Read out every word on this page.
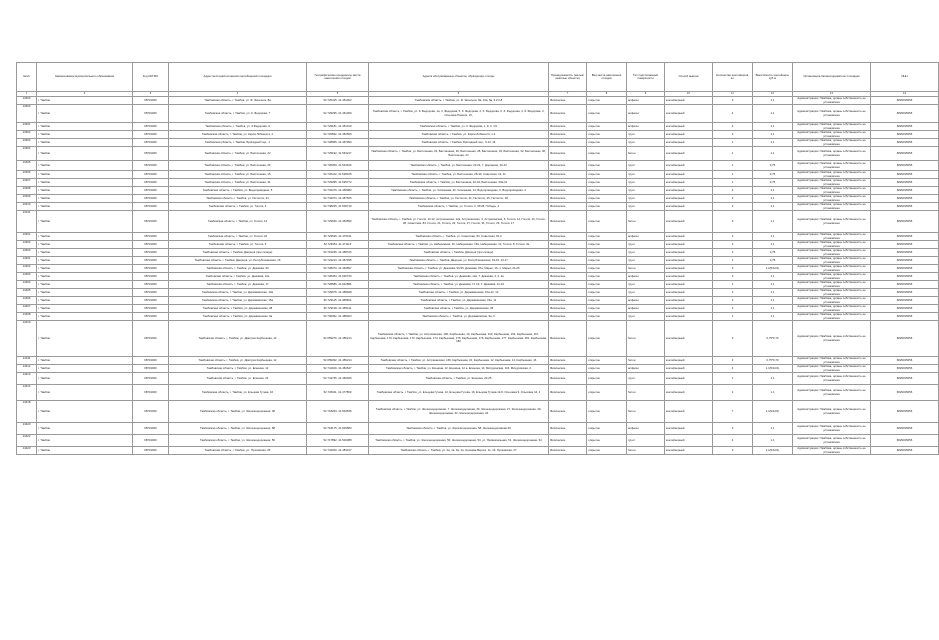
№п/п	Наименование муниципального образования	Код ОКТМО	Адрес месторасположения контейнерной площадки	Географические координаты места накопления отходов	Адреса обслуживаемых объектов, образующих отходы	Принадлежность (жилые/нежилые объекты)	Вид места накопления отходов	Тип подстилающей поверхности	Способ вывоза	Количество контейнеров, шт	Вместимость контейнера, куб.м	Организация-балансодержатель площадки	ИНН
1	2	3	4	5	6	7	8	9	10	11	12	13	14
13400	г. Тамбов	68701000	Тамбовская область, г. Тамбов, ул. Ф. Энгельса, 8а	52.725415, 41.451302	Тамбовская область, г. Тамбов, ул. Ф. Энгельса, 8а, 10а, 5а, 6,2,6,8	Физические	открытое	асфальт	контейнерный	3	1,1	Администрация г.Тамбова, органы собственность не установлена	6829015056
13400	г. Тамбов	68701000	Тамбовская область, г. Тамбов, ул. З. Федорова, 7	52.729335, 41.461309	Тамбовская область, г. Тамбов, ул. З. Федорова, 1а, 3, Федорова, 5, З. Федорова, 2, З. Федорова, 6, З. Федорова, 4, З. Федорова, 3, Ольговка Ромиля, 15,	Физические	открытое	асфальт	контейнерный	4	1,1	Администрация г.Тамбова, органы собственность не установлена	6829015056
13401	г. Тамбов	68701000	Тамбовская область, г. Тамбов, ул. З.Федорова, 9	52.729181, 41.451310	Тамбовская область, г. Тамбов, ул. З. Федорова, 1, 9, 3, 4,5	Физические	открытое	асфальт	контейнерный	4	1,1	Администрация г.Тамбова, органы собственность не установлена	6829015056
13402	г. Тамбов	68701000	Тамбовская область, г. Тамбов, ул. Карла Либкнехта, 2	52.726832, 41.452509	Тамбовская область, г. Тамбов, ул. Карла Либкнехта, 1-4	Физические	открытое	грунт	контейнерный	3	1,1	Администрация г.Тамбова, органы собственность не установлена	6829015056
13403	г. Тамбов	68701000	Тамбовская область, г. Тамбов, Бригадный пер., 1	52.728955, 41.457993	Тамбовская область, г. Тамбов, Бригадный пер., 9-14, 16	Физические	открытое	грунт	контейнерный	1	1,1	Администрация г.Тамбова, органы собственность не установлена	6829015056
13404	г. Тамбов	68701000	Тамбовская область, г. Тамбов, ул. Бастионная, 22	52.725192, 41.543217	Тамбовская область, г. Тамбов, ул. Бастионная, 16, Бастионная, 26, Бастионная, 28, Бастионная, 34, Бастионная, 32, Бастионная, 30, Бастионная, 24	Физические	открытое	бетон	контейнерный	1	1,1	Администрация г.Тамбова, органы собственность не установлена	6829015056
13405	г. Тамбов	68701000	Тамбовская область, г. Тамбов, ул. Бастионная, 26	52.726050, 41.543916	Тамбовская область, г. Тамбов, ул. Бастионная, 20-22, 7, Дорожная, 20-22	Физические	открытое	грунт	контейнерный	1	0,75	Администрация г.Тамбова, органы собственность не установлена	6829015056
13406	г. Тамбов	68701000	Тамбовская область, г. Тамбов, ул. Бастионная, 15	52.726412, 41.528915	Тамбовская область, г. Тамбов, ул. Бастионная, 28-30, Советская, 13, 11	Физические	открытое	грунт	контейнерный	1	0,75	Администрация г.Тамбова, органы собственность не установлена	6829015056
13407	г. Тамбов	68701000	Тамбовская область, г. Тамбов, ул. Бастионная, 31	52.729495, 41.535772	Тамбовская область, г. Тамбов, ул. Бастионная, 32-34, Бастионная, 33а-41	Физические	открытое	грунт	контейнерный	1	0,75	Администрация г.Тамбова, органы собственность не установлена	6829015056
13408	г. Тамбов	68701000	Тамбовская область, г. Тамбов, ул. Водопроводная, 5	52.734479, 41.450082	Тамбовская область, г. Тамбов, ул. Чичканова, 26, Чичканова, 14, Водопроводная, 5, Водопроводная, 3	Физические	открытое	грунт	контейнерный	4	1,1	Администрация г.Тамбова, органы собственность не установлена	6829015056
13409	г. Тамбов	68701000	Тамбовская область, г. Тамбов, ул. Гастелло, 31	52.743373, 41.457525	Тамбовская область, г. Тамбов, ул. Гастелло, 31, Гастелло, 26, Гастелло, 28	Физические	открытое	грунт	контейнерный	2	1,1	Администрация г.Тамбова, органы собственность не установлена	6829015056
13410	г. Тамбов	68701000	Тамбовская область, г. Тамбов, ул. Гоголя, 4	52.748225, 41.506710	Тамбовская область, г. Тамбов, ул. Гоголя, 4, 15/28, Победы, 4	Физические	открытое	грунт	контейнерный	2	1,1	Администрация г.Тамбова, органы собственность не установлена	6829015056
13411	г. Тамбов	68701000	Тамбовская область, г. Тамбов, ул. Гоголя, 14	52.729940, 41.463590	Тамбовская область, г. Тамбов, ул. Гоголя, 10,12, Астраханская, 12а, Астраханская, 4, Астраханская, 6, Гоголя, 14, Гоголя, 16, Гоголя, 28, Советская, 84, Гоголя, 21, Гоголя, 23, Гоголя, 27, Гоголя, 31, Гоголя, 29, Гоголя, 17	Физические	открытое	бетон	контейнерный	3	1,1	Администрация г.Тамбова, органы собственность не установлена	6829015056
13401	г. Тамбов	68701000	Тамбовская область, г. Тамбов, ул. Гоголя, 22	52.729526, 41.470311	Тамбовская область, г. Тамбов, ул. Советская, 84, Советская, 81,2	Физические	открытое	асфальт	контейнерный	2	1,1	Администрация г.Тамбова, органы собственность не установлена	6829015056
13402	г. Тамбов	68701000	Тамбовская область, г. Тамбов, ул. Гоголя, 5	52.729351, 41.471113	Тамбовская область, г. Тамбов, ул. Набережная, 10, Набережная, 16а, Набережная, 12, Гоголя, 8, Гоголя, 3а	Физические	открытое	грунт	контейнерный	2	1,1	Администрация г.Тамбова, органы собственность не установлена	6829015056
13403	г. Тамбов	68701000	Тамбовская область, г. Тамбов, Дворцов (при складе)	52.715236, 41.458726	Тамбовская область, г. Тамбов, Дворцов (при складе)	Физические	открытое	грунт	контейнерный	2	0,75	Администрация г.Тамбова, органы собственность не установлена	6829015056
14401	г. Тамбов	68701000	Тамбовская область, г. Тамбов, Дворцов, ул. Республиканская, 15	52.724213, 41.467935	Тамбовская область, г. Тамбов, Дворцов, ул. Республиканская, 19-15, 13-17	Физические	открытое	грунт	контейнерный	1	0,75	Администрация г.Тамбова, органы собственность не установлена	6829015056
14402	г. Тамбов	68701000	Тамбовская область, г. Тамбов, ул. Дежнёва, 93	52.728370, 41.463597	Тамбовская область, г. Тамбов, ул. Дежнёва, 94-95, Дежнёва, 97а, Марьи, 16 -1, Марьи, 24-25	Физические	открытое	бетон	контейнерный	3	1,1(5/4/21)	Администрация г.Тамбова, органы собственность не установлена	6829015056
14403	г. Тамбов	68701000	Тамбовская область, г. Тамбов, ул. Дежнёва, 12а	52.728453, 41.536733	Тамбовская область, г. Тамбов, ул. Дежнёва, 12а, Т. Дежнёва, 4, 3, 2а	Физические	открытое	асфальт	контейнерный	3	1,1	Администрация г.Тамбова, органы собственность не установлена	6829015056
14404	г. Тамбов	68701000	Тамбовская область, г. Тамбов, ул. Дежнёва, 17	52.728685, 41.542891	Тамбовская область, г. Тамбов, ул. Дежнёва, 17-19, Т. Дежнёва, 21-19	Физические	открытое	грунт	контейнерный	1	1,1	Администрация г.Тамбова, органы собственность не установлена	6829015056
14405	г. Тамбов	68701000	Тамбовская область, г. Тамбов, ул. Державинская, 10а	52.729976, 41.458948	Тамбовская область, г. Тамбов, ул. Державинская, 10а-12, 12	Физические	открытое	грунт	контейнерный	2	1,1	Администрация г.Тамбова, органы собственность не установлена	6829015056
14406	г. Тамбов	68701000	Тамбовская область, г. Тамбов, ул. Державинская, 15а	52.729115, 41.458504	Тамбовская область, г. Тамбов, ул. Державинская, 15а, 11	Физические	открытое	асфальт	контейнерный	2	1,1	Администрация г.Тамбова, органы собственность не установлена	6829015056
14407	г. Тамбов	68701000	Тамбовская область, г. Тамбов, ул. Державинская, 28	52.729138, 41.455411	Тамбовская область, г. Тамбов, ул. Державинская, 28	Физические	открытое	асфальт	контейнерный	2	1,1	Администрация г.Тамбова, органы собственность не установлена	6829015056
14408	г. Тамбов	68701000	Тамбовская область, г. Тамбов, ул. Державинская, 6а	52.730362, 41.458463	Тамбовская область, г. Тамбов, ул. Державинская, 6а, 6	Физические	открытое	грунт	контейнерный	1	1,1	Администрация г.Тамбова, органы собственность не установлена	6829015056
14410	г. Тамбов	68701000	Тамбовская область, г. Тамбов, ул. Дмитрия Карбышева, 12	52.659276, 41.456214	Тамбовская область, г. Тамбов, ул. Астраханская, 166, Карбышева, 10, Карбышева, 163, Карбышева, 164, Карбышева, 167, Карбышева, 170, Карбышева, 173, Карбышева, 174, Карбышева, 175, Карбышева, 176, Карбышева, 177, Карбышева, 181, Карбышева, 182	Физические	открытое	бетон	контейнерный	3	0,75*0,70	Администрация г.Тамбова, органы собственность не установлена	6829015056
14411	г. Тамбов	68701000	Тамбовская область, г. Тамбов, ул. Дмитрия Карбышева, 12	52.659392, 41.456214	Тамбовская область, г. Тамбов, ул. Астраханская, 166, Карбышева, 10, Карбышева, 12, Карбышева, 14, Карбышева, 16	Физические	открытое	бетон	контейнерный	3	0,75*0,70	Администрация г.Тамбова, органы собственность не установлена	6829015056
14412	г. Тамбов	68701000	Тамбовская область, г. Тамбов, ул. Есенина, 12	52.741919, 41.452647	Тамбовская область, г. Тамбов, ул. Есенина, 12, Есенина, 12 а, Есенина, 14, Мичуринская, 116, Мичуринская, 2	Физические	открытое	асфальт	контейнерный	4	1,1(5/4/21)	Администрация г.Тамбова, органы собственность не установлена	6829015056
14413	г. Тамбов	68701000	Тамбовская область, г. Тамбов, ул. Есенина, 23	52.744725, 41.452940	Тамбовская область, г. Тамбов, ул. Есенина, 23-25	Физические	открытое	грунт	контейнерный	1	1,1	Администрация г.Тамбова, органы собственность не установлена	6829015056
14414	г. Тамбов	68701000	Тамбовская область, г. Тамбов, ул. Ельцова Гутева, 16	52.745311, 41.477869	Тамбовская область, г. Тамбов, ул. Ельцова Гутева, 12, Ельцова Гутева, 16, Ельцова Гутева 12-8, Ольховка 9, Ольховка 44, 4	Физические	открытое	бетон	контейнерный	2	1,1	Администрация г.Тамбова, органы собственность не установлена	6829015056
14418	г. Тамбов	68701000	Тамбовская область, г. Тамбов, ул. Железнодорожная, 38	52.718263, 41.503536	Тамбовская область, г. Тамбов, ул. Железнодорожная, 7, Железнодорожная, 26, Железнодорожная, 27, Железнодорожная, 29, Железнодорожная, 32, Железнодорожная, 34	Физические	открытое	бетон	контейнерный	7	1,1(5/4/21)	Администрация г.Тамбова, органы собственность не установлена	6829015056
14420	г. Тамбов	68701000	Тамбовская область, г. Тамбов, ул. Железнодорожная, 58	52.718175, 41.503583	Тамбовская область, г. Тамбов, ул. Железнодорожная, 58, Железнодорожная 60	Физические	открытое	асфальт	контейнерный	3	1,1	Администрация г.Тамбова, органы собственность не установлена	6829015056
14422	г. Тамбов	68701000	Тамбовская область, г. Тамбов, ул. Железнодорожная, 56	52.717892, 41.503388	Тамбовская область, г. Тамбов, ул. Железнодорожная, 56, Железнодорожная, 53, ул. Привокзальная, 51, Железнодорожная, 54	Физические	открытое	грунт	контейнерный	4	1,1	Администрация г.Тамбова, органы собственность не установлена	6829015056
14423	г. Тамбов	68701000	Тамбовская область, г. Тамбов, ул. Пулковская, 25	52.744020, 41.484317	Тамбовская область, г. Тамбов, ул. 2а, 1а, 3а, 1а, Несаева Вероги, 11, 13, Пулковская, 27	Физические	открытое	бетон	контейнерный	3	1,1(5/4/21)	Администрация г.Тамбова, органы собственность не установлена	6829015056
